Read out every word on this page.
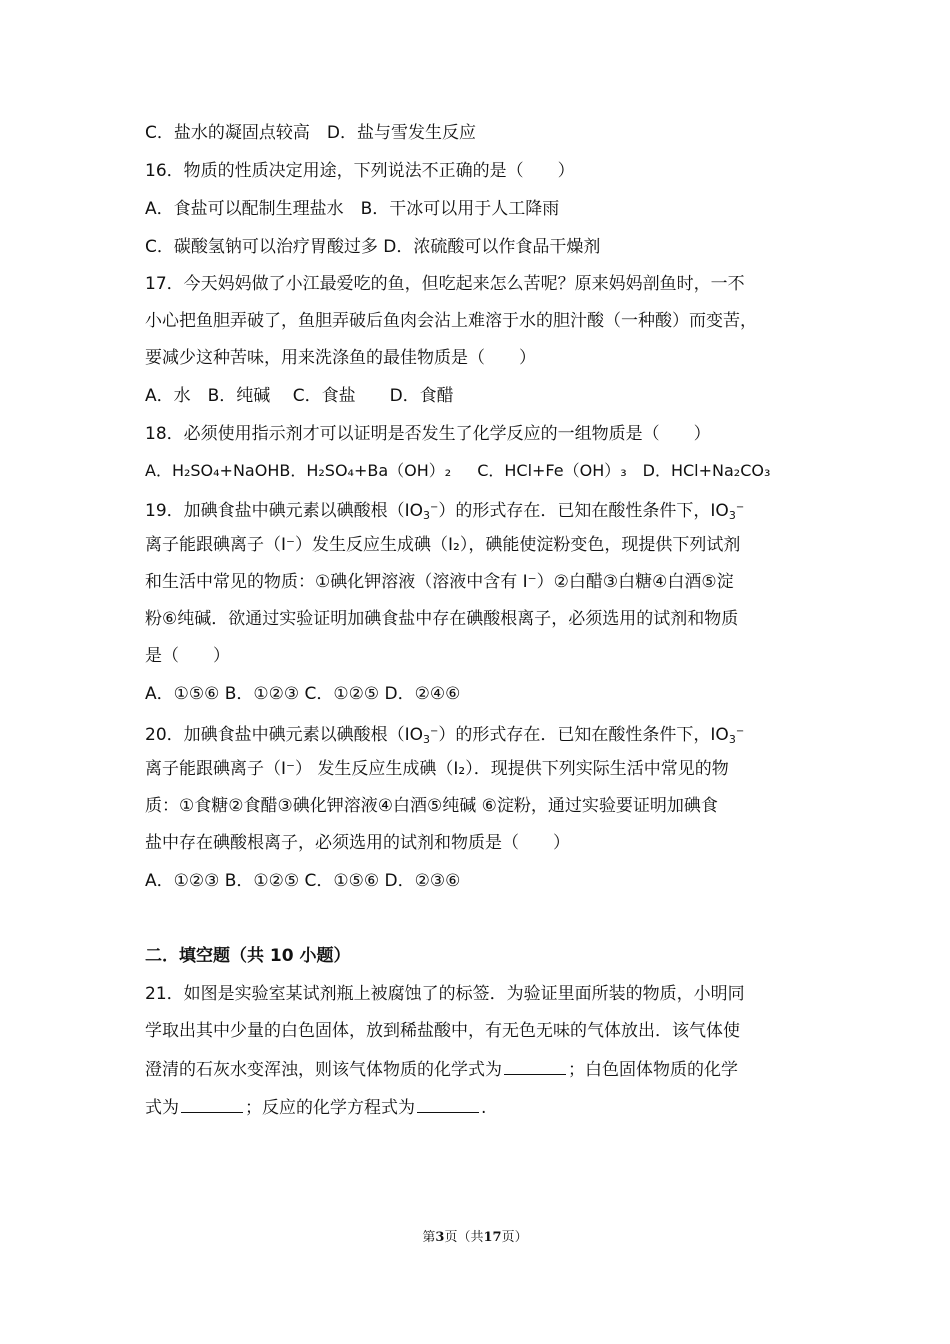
C．盐水的凝固点较高　D．盐与雪发生反应
16．物质的性质决定用途，下列说法不正确的是（　　）
A．食盐可以配制生理盐水　B．干冰可以用于人工降雨
C．碳酸氢钠可以治疗胃酸过多 D．浓硫酸可以作食品干燥剂
17．今天妈妈做了小江最爱吃的鱼，但吃起来怎么苦呢？原来妈妈剖鱼时，一不
小心把鱼胆弄破了，鱼胆弄破后鱼肉会沾上难溶于水的胆汁酸（一种酸）而变苦，
要减少这种苦味，用来洗涤鱼的最佳物质是（　　）
A．水　B．纯碱　 C．食盐　　D．食醋
18．必须使用指示剂才可以证明是否发生了化学反应的一组物质是（　　）
A．H₂SO₄+NaOHB．H₂SO₄+Ba（OH）₂ C．HCl+Fe（OH）₃ D．HCl+Na₂CO₃
19．加碘食盐中碘元素以碘酸根$(IO_3^-)$的形式存在．已知在酸性条件下，$IO_3^-$
离子能跟碘离子（I⁻）发生反应生成碘（I₂），碘能使淀粉变色，现提供下列试剂
和生活中常见的物质：①碘化钾溶液（溶液中含有 I⁻）②白醋③白糖④白酒⑤淀
粉⑥纯碱．欲通过实验证明加碘食盐中存在碘酸根离子，必须选用的试剂和物质
是（　　）
A．①⑤⑥ B．①②③ C．①②⑤ D．②④⑥
20．加碘食盐中碘元素以碘酸根$(IO_3^-)$的形式存在．已知在酸性条件下，$IO_3^-$
离子能跟碘离子（I⁻） 发生反应生成碘（I₂）．现提供下列实际生活中常见的物
质：①食糖②食醋③碘化钾溶液④白酒⑤纯碱 ⑥淀粉，通过实验要证明加碘食
盐中存在碘酸根离子，必须选用的试剂和物质是（　　）
A．①②③ B．①②⑤ C．①⑤⑥ D．②③⑥
二．填空题（共 10 小题）
21．如图是实验室某试剂瓶上被腐蚀了的标签．为验证里面所装的物质，小明同
学取出其中少量的白色固体，放到稀盐酸中，有无色无味的气体放出．该气体使
澄清的石灰水变浑浊，则该气体物质的化学式为	；白色固体物质的化学
式为	；反应的化学方程式为	.
第3页（共17页）
